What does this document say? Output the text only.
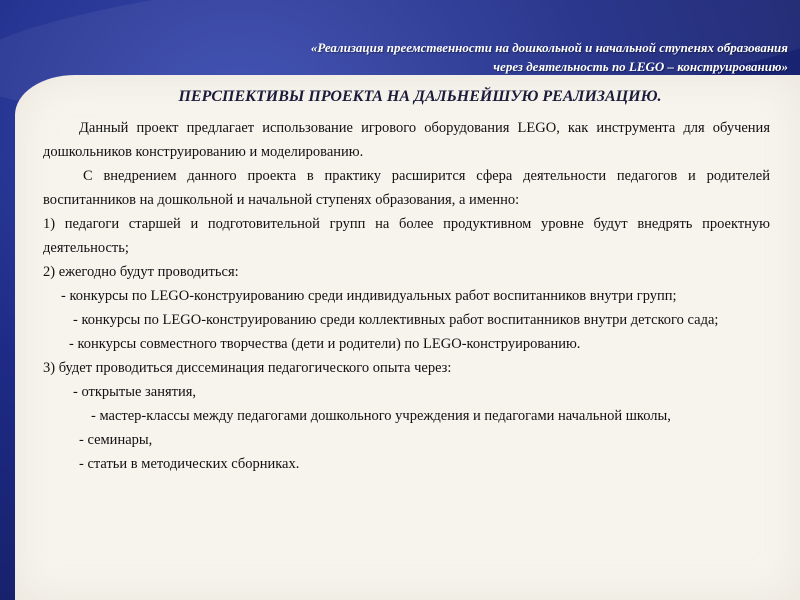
«Реализация преемственности на дошкольной и начальной ступенях образования
через деятельность по LEGO – конструированию»
ПЕРСПЕКТИВЫ ПРОЕКТА НА ДАЛЬНЕЙШУЮ РЕАЛИЗАЦИЮ.

Данный проект предлагает использование игрового оборудования LEGO, как инструмента для обучения дошкольников конструированию и моделированию.

С внедрением данного проекта в практику расширится сфера деятельности педагогов и родителей воспитанников на дошкольной и начальной ступенях образования, а именно:

1) педагоги старшей и подготовительной групп на более продуктивном уровне будут внедрять проектную деятельность;

2) ежегодно будут проводиться:

- конкурсы по LEGO-конструированию среди индивидуальных работ воспитанников внутри групп;

- конкурсы по LEGO-конструированию среди коллективных работ воспитанников внутри детского сада;

- конкурсы совместного творчества (дети и родители) по LEGO-конструированию.

3) будет проводиться диссеминация педагогического опыта через:

- открытые занятия,

- мастер-классы между педагогами дошкольного учреждения и педагогами начальной школы,

- семинары,

- статьи в методических сборниках.
